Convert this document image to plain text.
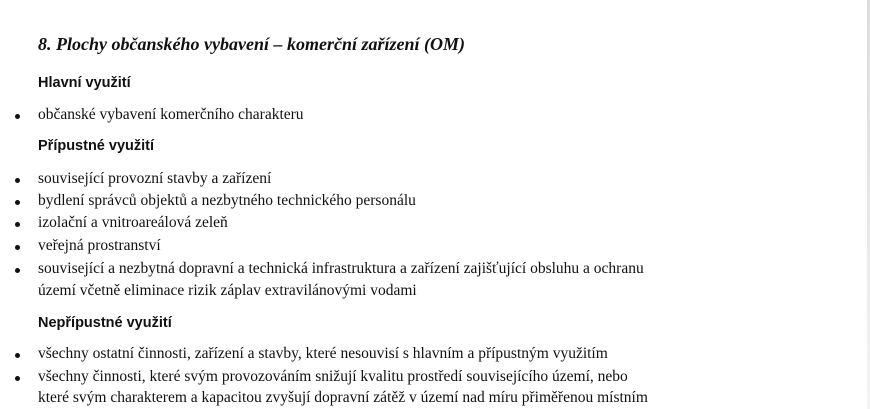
8. Plochy občanského vybavení – komerční zařízení (OM)
Hlavní využití
občanské vybavení komerčního charakteru
Přípustné využití
související provozní stavby a zařízení
bydlení správců objektů a nezbytného technického personálu
izolační a vnitroareálová zeleň
veřejná prostranství
související a nezbytná dopravní a technická infrastruktura a zařízení zajišťující obsluhu a ochranu
území včetně eliminace rizik záplav extravilánovými vodami
Nepřípustné využití
všechny ostatní činnosti, zařízení a stavby, které nesouvisí s hlavním a přípustným využitím
všechny činnosti, které svým provozováním snižují kvalitu prostředí souvisejícího území, nebo
které svým charakterem a kapacitou zvyšují dopravní zátěž v území nad míru přiměřenou místním
